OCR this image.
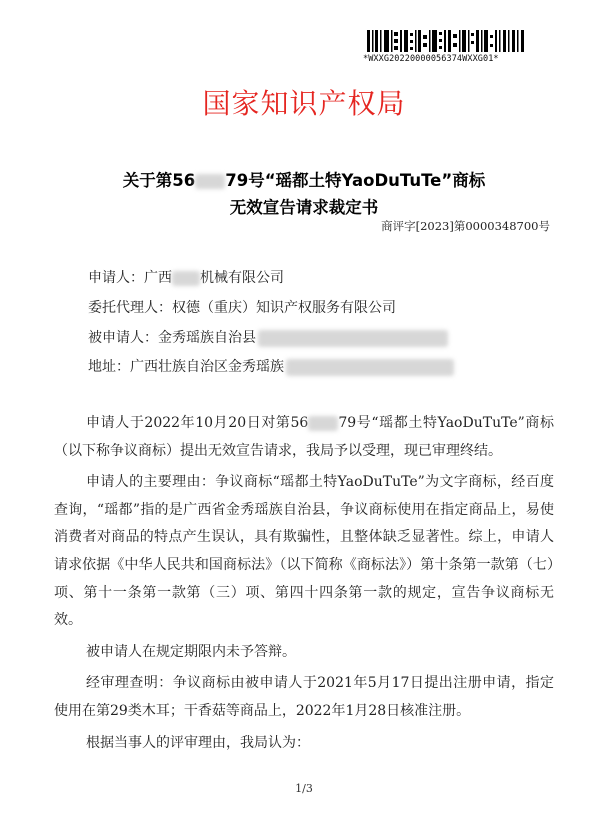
*WXXG20220000056374WXXG01*
国家知识产权局
关于第56 79号“瑶都土特YaoDuTuTe”商标
无效宣告请求裁定书
商评字[2023]第0000348700号
申请人：广西 机械有限公司
委托代理人：权德（重庆）知识产权服务有限公司
被申请人：金秀瑶族自治县
地址：广西壮族自治区金秀瑶族

申请人于2022年10月20日对第56 79号“瑶都土特YaoDuTuTe”商标（以下称争议商标）提出无效宣告请求，我局予以受理，现已审理终结。

申请人的主要理由：争议商标“瑶都土特YaoDuTuTe”为文字商标，经百度查询，“瑶都”指的是广西省金秀瑶族自治县，争议商标使用在指定商品上，易使消费者对商品的特点产生误认，具有欺骗性，且整体缺乏显著性。综上，申请人请求依据《中华人民共和国商标法》（以下简称《商标法》）第十条第一款第（七）项、第十一条第一款第（三）项、第四十四条第一款的规定，宣告争议商标无效。

被申请人在规定期限内未予答辩。

经审理查明：争议商标由被申请人于2021年5月17日提出注册申请，指定使用在第29类木耳；干香菇等商品上，2022年1月28日核准注册。

根据当事人的评审理由，我局认为：

1/3
